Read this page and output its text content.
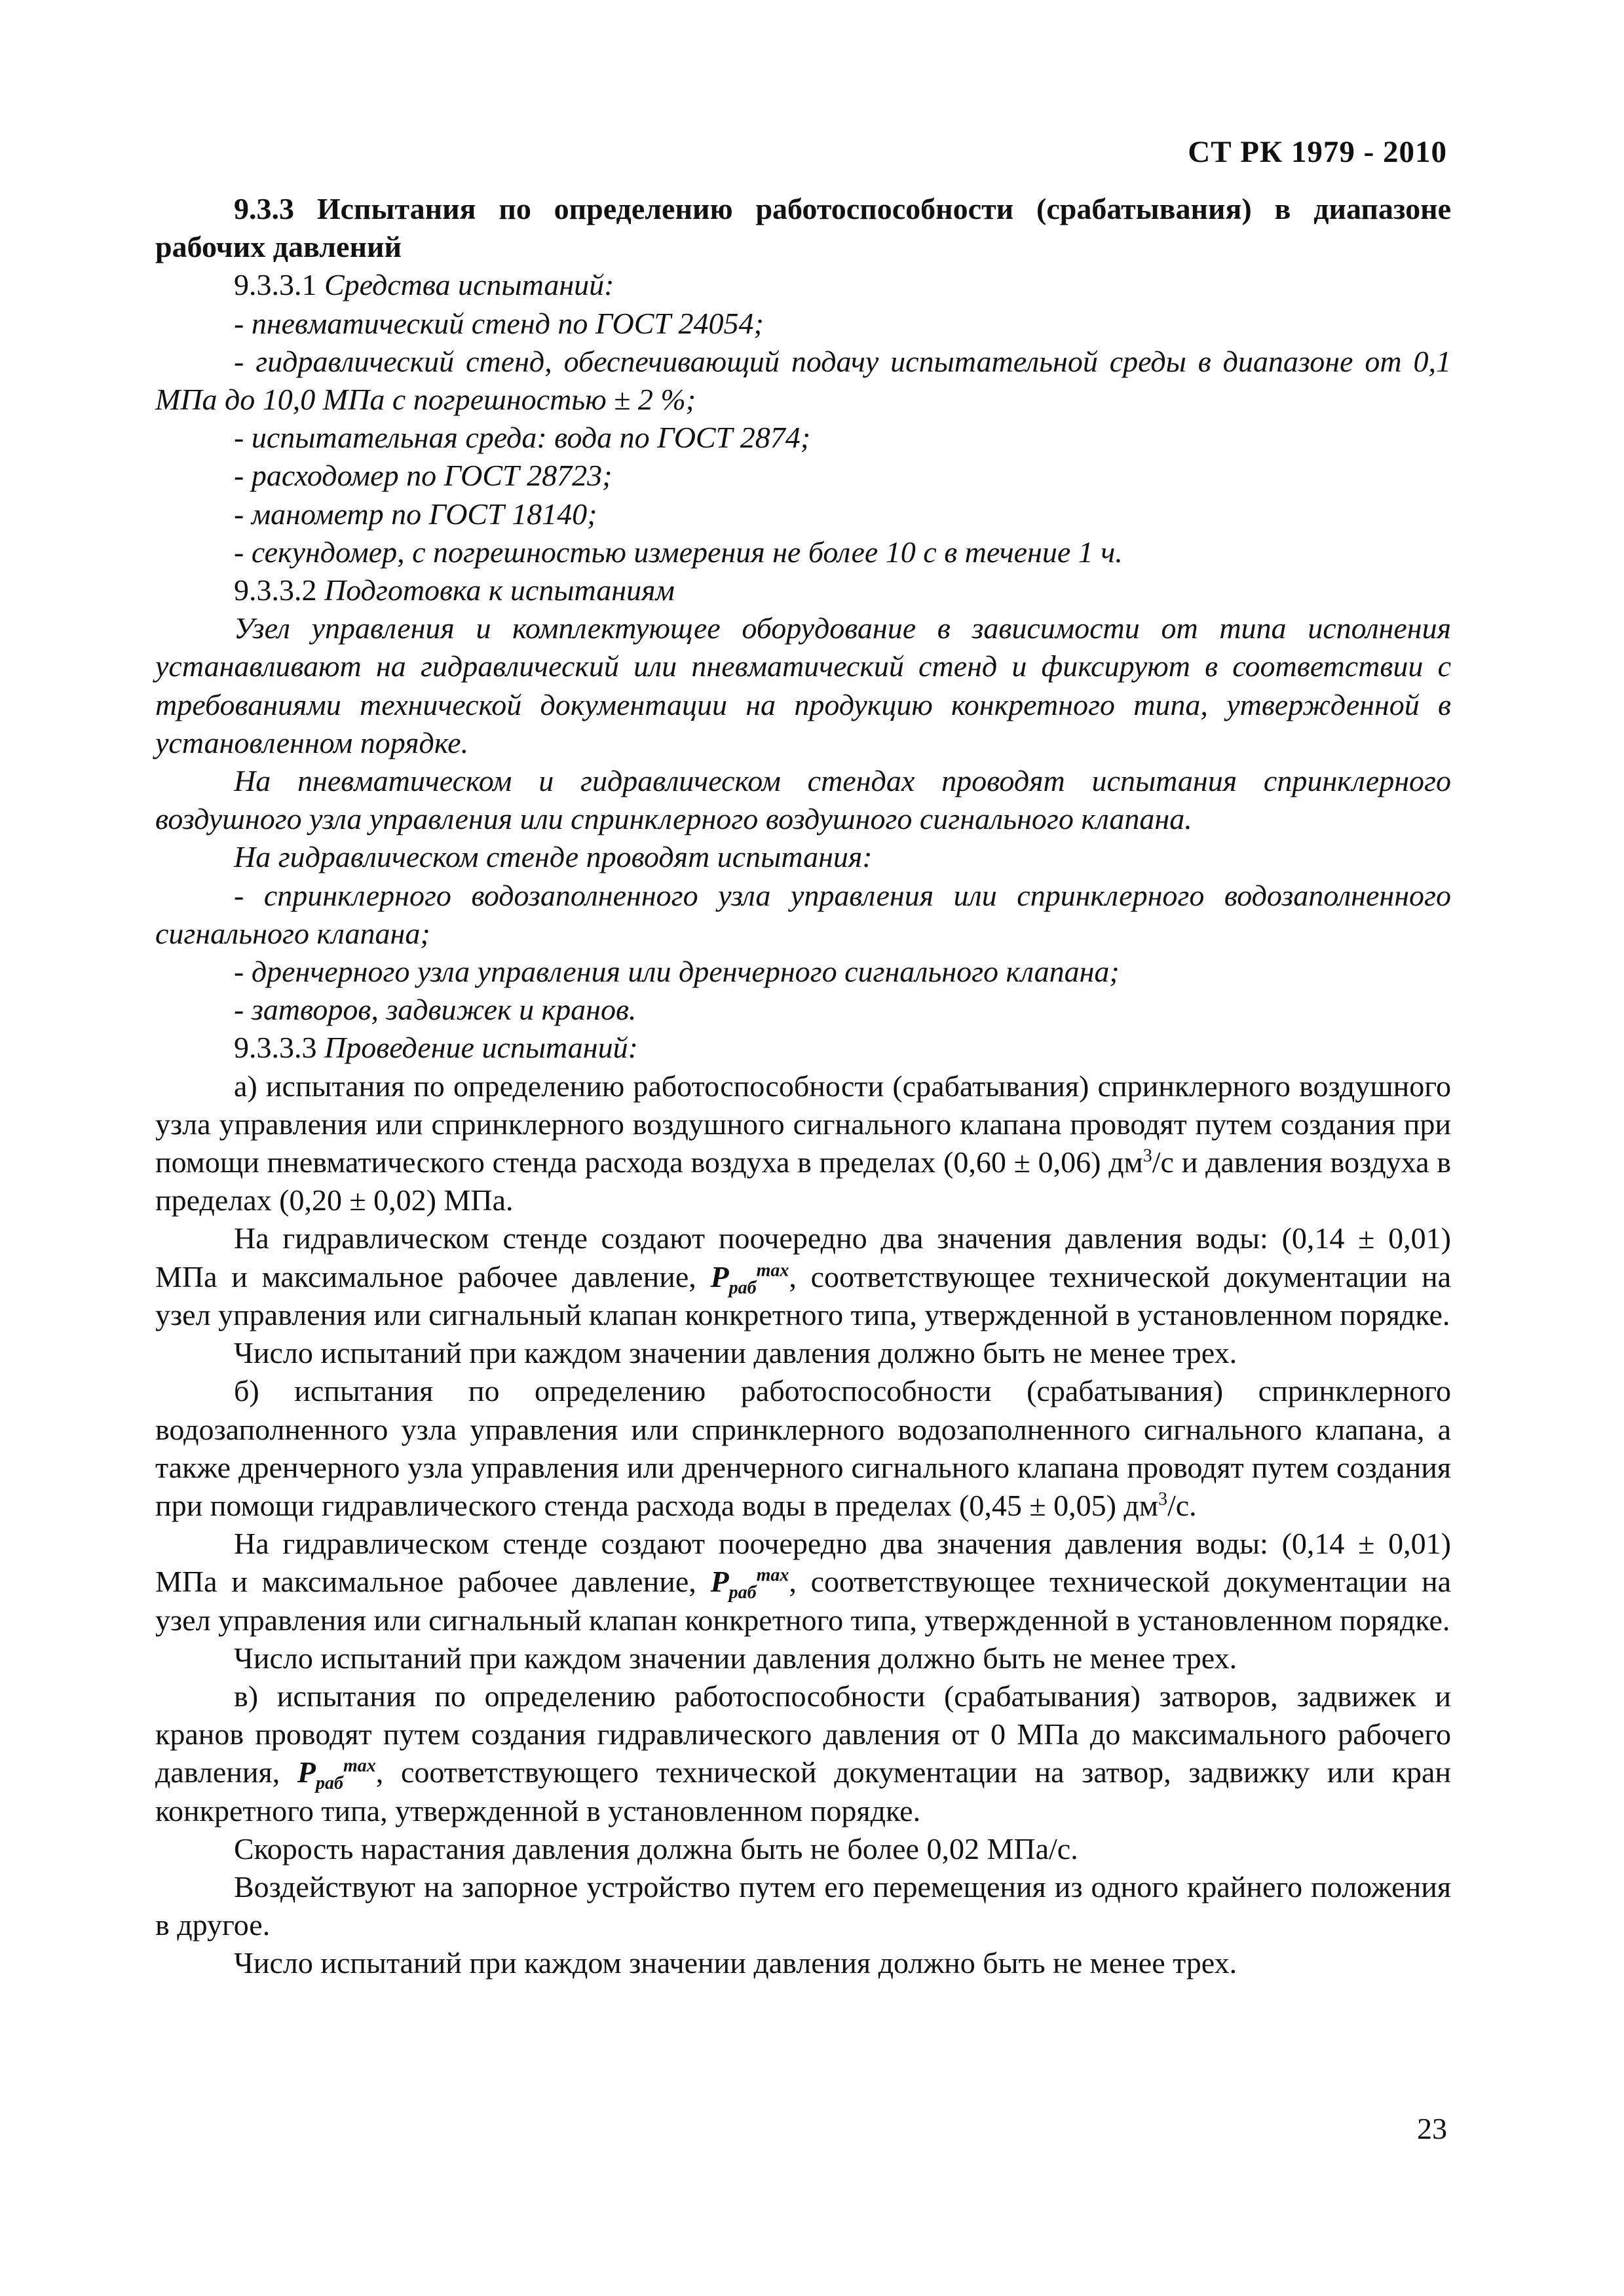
СТ РК 1979 - 2010

9.3.3 Испытания по определению работоспособности (срабатывания) в диапазоне рабочих давлений

9.3.3.1 Средства испытаний:

- пневматический стенд по ГОСТ 24054;

- гидравлический стенд, обеспечивающий подачу испытательной среды в диапазоне от 0,1 МПа до 10,0 МПа с погрешностью ± 2 %;

- испытательная среда: вода по ГОСТ 2874;

- расходомер по ГОСТ 28723;

- манометр по ГОСТ 18140;

- секундомер, с погрешностью измерения не более 10 с в течение 1 ч.

9.3.3.2 Подготовка к испытаниям

Узел управления и комплектующее оборудование в зависимости от типа исполнения устанавливают на гидравлический или пневматический стенд и фиксируют в соответствии с требованиями технической документации на продукцию конкретного типа, утвержденной в установленном порядке.

На пневматическом и гидравлическом стендах проводят испытания спринклерного воздушного узла управления или спринклерного воздушного сигнального клапана.

На гидравлическом стенде проводят испытания:

- спринклерного водозаполненного узла управления или спринклерного водозаполненного сигнального клапана;

- дренчерного узла управления или дренчерного сигнального клапана;

- затворов, задвижек и кранов.

9.3.3.3 Проведение испытаний:

а) испытания по определению работоспособности (срабатывания) спринклерного воздушного узла управления или спринклерного воздушного сигнального клапана проводят путем создания при помощи пневматического стенда расхода воздуха в пределах (0,60 ± 0,06) $дм^3/с$ и давления воздуха в пределах (0,20 ± 0,02) МПа.

На гидравлическом стенде создают поочередно два значения давления воды: (0,14 ± 0,01) МПа и максимальное рабочее давление, $P_{раб}^{max}$, соответствующее технической документации на узел управления или сигнальный клапан конкретного типа, утвержденной в установленном порядке.

Число испытаний при каждом значении давления должно быть не менее трех.

б) испытания по определению работоспособности (срабатывания) спринклерного водозаполненного узла управления или спринклерного водозаполненного сигнального клапана, а также дренчерного узла управления или дренчерного сигнального клапана проводят путем создания при помощи гидравлического стенда расхода воды в пределах (0,45 ± 0,05) $дм^3/с$.

На гидравлическом стенде создают поочередно два значения давления воды: (0,14 ± 0,01) МПа и максимальное рабочее давление, $P_{раб}^{max}$, соответствующее технической документации на узел управления или сигнальный клапан конкретного типа, утвержденной в установленном порядке.

Число испытаний при каждом значении давления должно быть не менее трех.

в) испытания по определению работоспособности (срабатывания) затворов, задвижек и кранов проводят путем создания гидравлического давления от 0 МПа до максимального рабочего давления, $P_{раб}^{max}$, соответствующего технической документации на затвор, задвижку или кран конкретного типа, утвержденной в установленном порядке.

Скорость нарастания давления должна быть не более 0,02 МПа/с.

Воздействуют на запорное устройство путем его перемещения из одного крайнего положения в другое.

Число испытаний при каждом значении давления должно быть не менее трех.

23
